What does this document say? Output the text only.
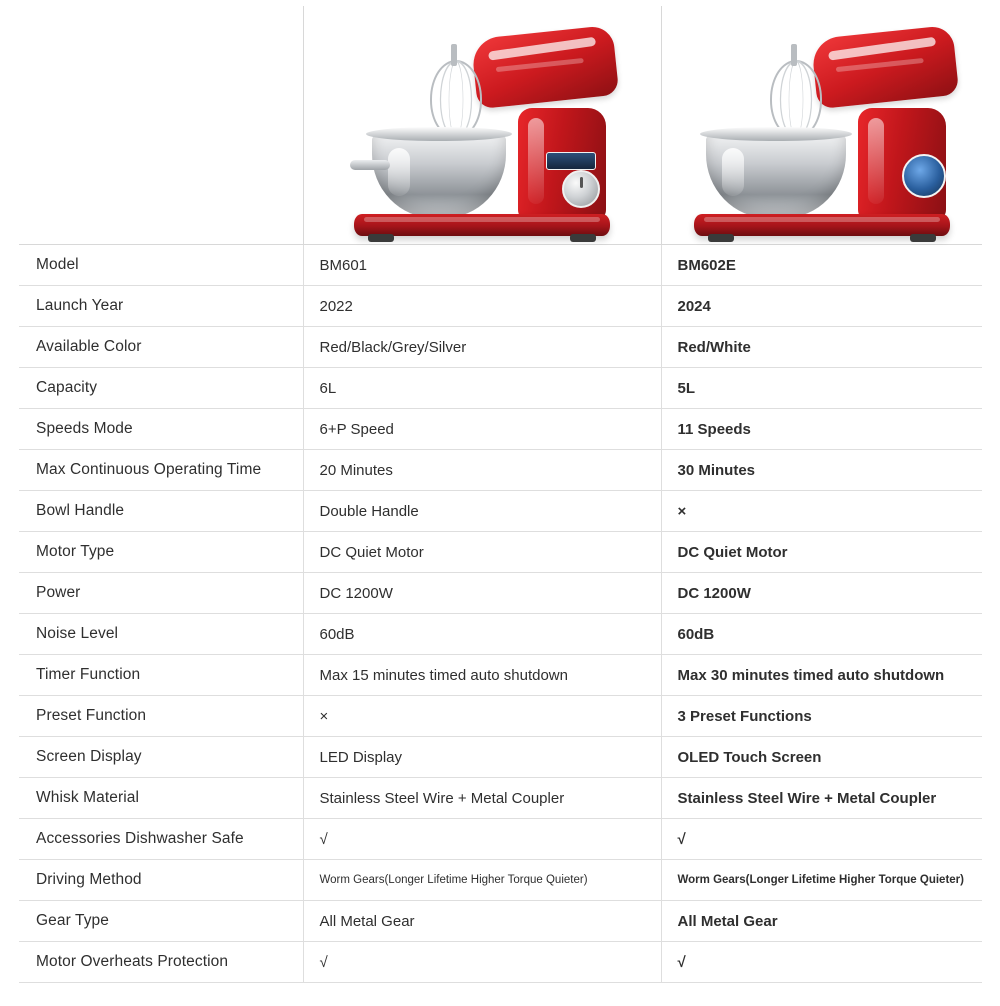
Model	BM601	BM602E
Launch Year	2022	2024
Available Color	Red/Black/Grey/Silver	Red/White
Capacity	6L	5L
Speeds Mode	6+P Speed	11 Speeds
Max Continuous Operating Time	20 Minutes	30 Minutes
Bowl Handle	Double Handle	×
Motor Type	DC Quiet Motor	DC Quiet Motor
Power	DC 1200W	DC 1200W
Noise Level	60dB	60dB
Timer Function	Max 15 minutes timed auto shutdown	Max 30 minutes timed auto shutdown
Preset Function	×	3 Preset Functions
Screen Display	LED Display	OLED Touch Screen
Whisk Material	Stainless Steel Wire + Metal Coupler	Stainless Steel Wire + Metal Coupler
Accessories Dishwasher Safe	√	√
Driving Method	Worm Gears(Longer Lifetime Higher Torque Quieter)	Worm Gears(Longer Lifetime Higher Torque Quieter)
Gear Type	All Metal Gear	All Metal Gear
Motor Overheats Protection	√	√
